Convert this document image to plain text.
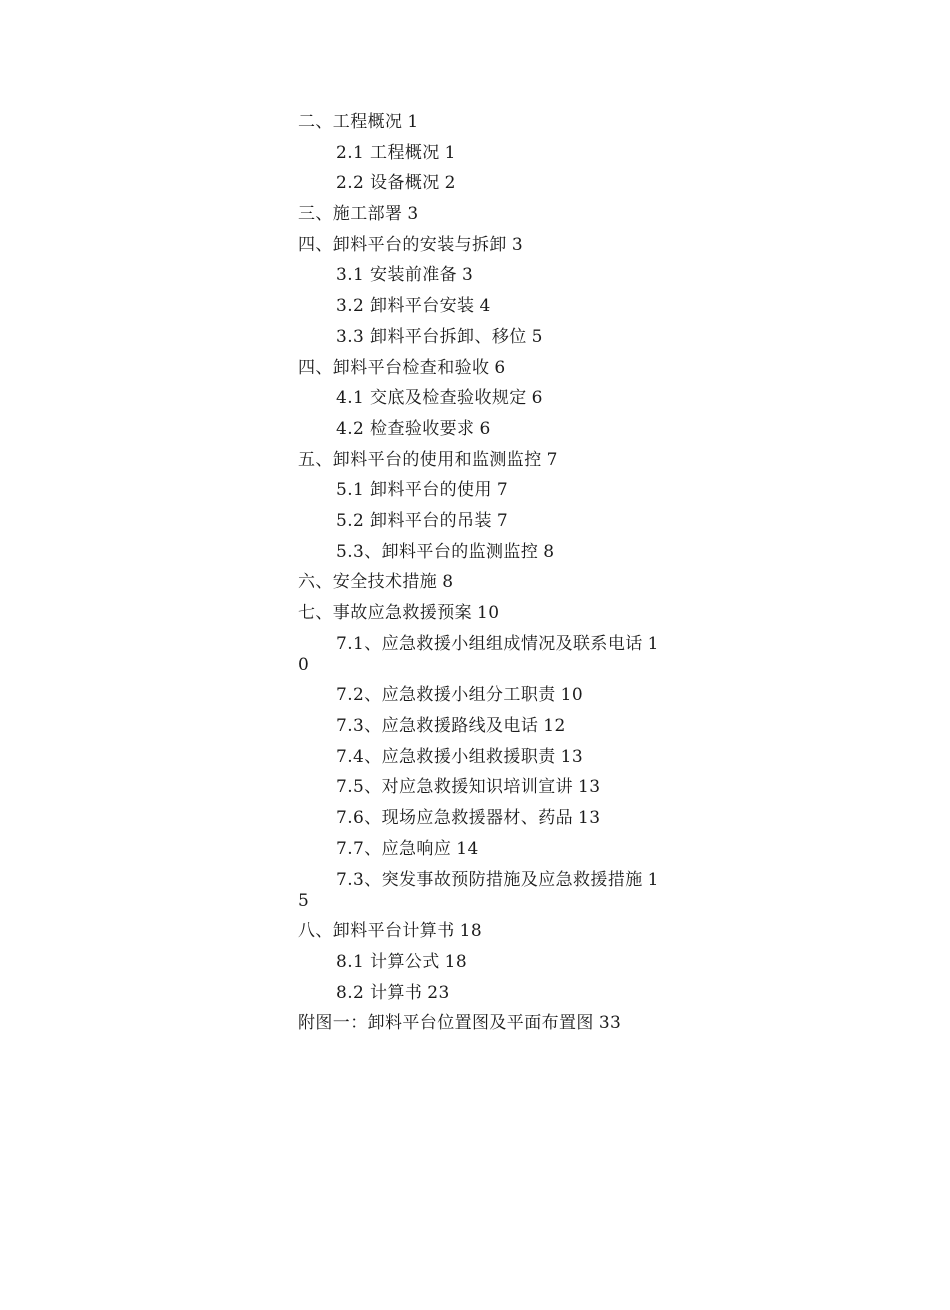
二、工程概况 1
2.1 工程概况 1
2.2 设备概况 2
三、施工部署 3
四、卸料平台的安装与拆卸 3
3.1 安装前准备 3
3.2 卸料平台安装 4
3.3 卸料平台拆卸、移位 5
四、卸料平台检查和验收 6
4.1 交底及检查验收规定 6
4.2 检查验收要求 6
五、卸料平台的使用和监测监控 7
5.1 卸料平台的使用 7
5.2 卸料平台的吊装 7
5.3、卸料平台的监测监控 8
六、安全技术措施 8
七、事故应急救援预案 10
7.1、应急救援小组组成情况及联系电话 10
7.2、应急救援小组分工职责 10
7.3、应急救援路线及电话 12
7.4、应急救援小组救援职责 13
7.5、对应急救援知识培训宣讲 13
7.6、现场应急救援器材、药品 13
7.7、应急响应 14
7.3、突发事故预防措施及应急救援措施 15
八、卸料平台计算书 18
8.1 计算公式 18
8.2 计算书 23
附图一：卸料平台位置图及平面布置图 33
